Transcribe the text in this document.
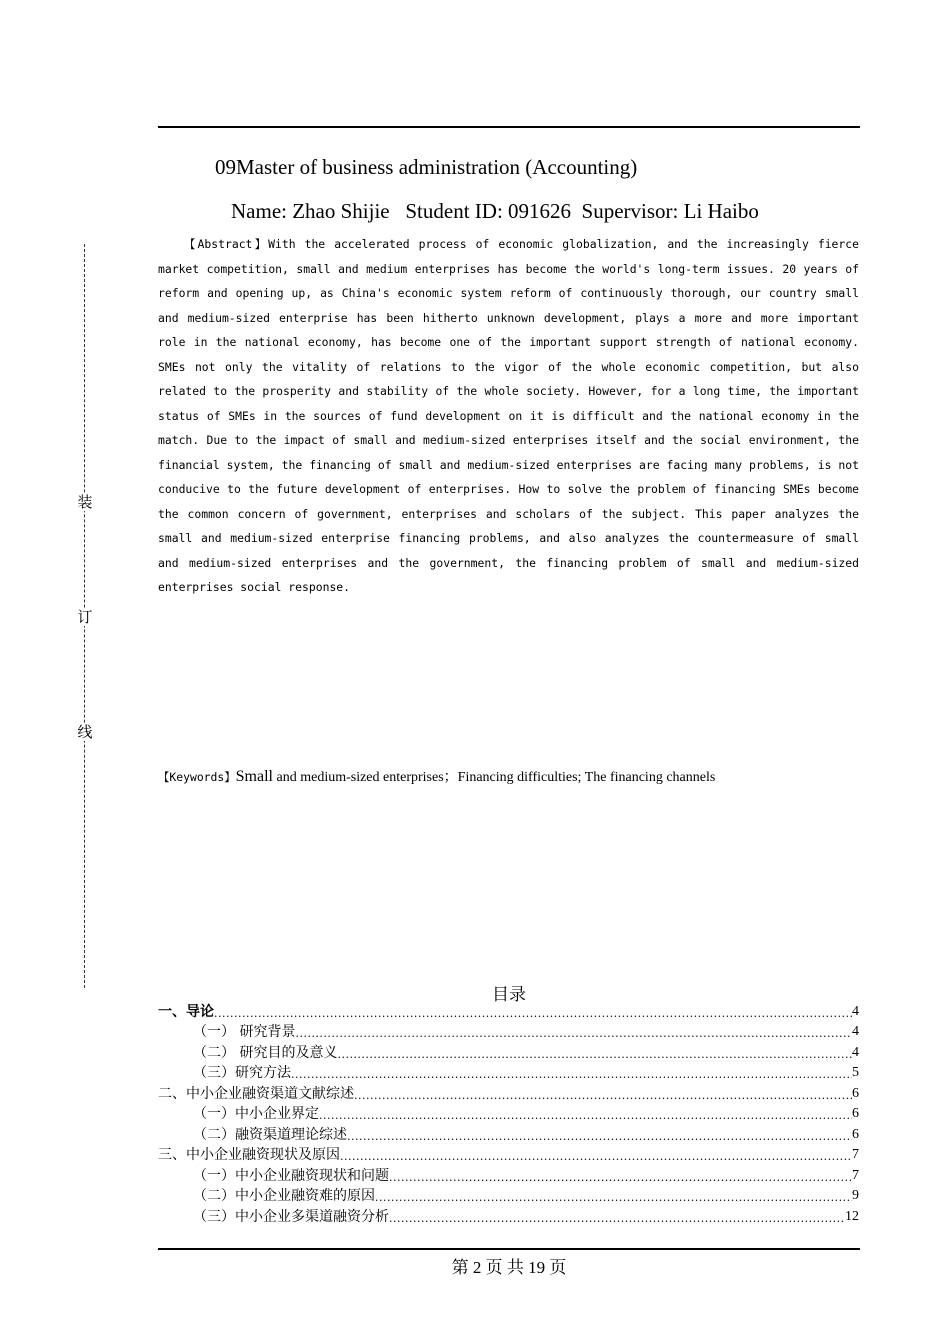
装
订
线
09Master of business administration (Accounting)
Name: Zhao Shijie   Student ID: 091626  Supervisor: Li Haibo

【Abstract】With the accelerated process of economic globalization, and the increasingly fierce market competition, small and medium enterprises has become the world's long-term issues. 20 years of reform and opening up, as China's economic system reform of continuously thorough, our country small and medium-sized enterprise has been hitherto unknown development, plays a more and more important role in the national economy, has become one of the important support strength of national economy. SMEs not only the vitality of relations to the vigor of the whole economic competition, but also related to the prosperity and stability of the whole society. However, for a long time, the important status of SMEs in the sources of fund development on it is difficult and the national economy in the match. Due to the impact of small and medium-sized enterprises itself and the social environment, the financial system, the financing of small and medium-sized enterprises are facing many problems, is not conducive to the future development of enterprises. How to solve the problem of financing SMEs become the common concern of government, enterprises and scholars of the subject. This paper analyzes the small and medium-sized enterprise financing problems, and also analyzes the countermeasure of small and medium-sized enterprises and the government, the financing problem of small and medium-sized enterprises social response.

【Keywords】Small and medium-sized enterprises；Financing difficulties; The financing channels
目录
一、导论 .....	4
（一） 研究背景 .....	4
（二） 研究目的及意义 .....	4
（三）研究方法 .....	5
二、中小企业融资渠道文献综述 .....	6
（一）中小企业界定 .....	6
（二）融资渠道理论综述 .....	6
三、中小企业融资现状及原因 .....	7
（一）中小企业融资现状和问题 .....	7
（二）中小企业融资难的原因 .....	9
（三）中小企业多渠道融资分析 .....	12
第 2 页 共 19 页
